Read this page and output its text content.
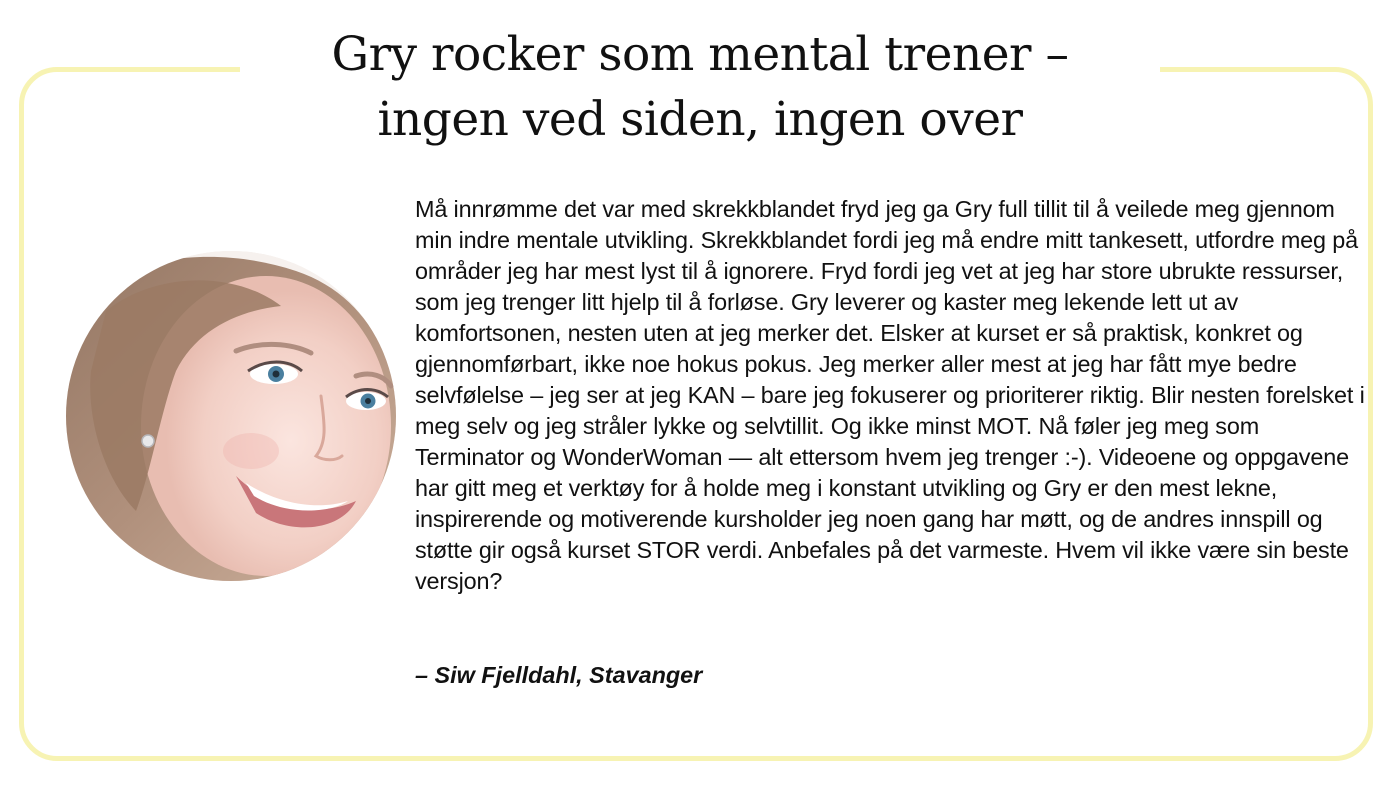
Gry rocker som mental trener –
ingen ved siden, ingen over

Må innrømme det var med skrekkblandet fryd jeg ga Gry full tillit til å veilede meg gjennom min indre mentale utvikling. Skrekkblandet fordi jeg må endre mitt tankesett, utfordre meg på områder jeg har mest lyst til å ignorere. Fryd fordi jeg vet at jeg har store ubrukte ressurser, som jeg trenger litt hjelp til å forløse. Gry leverer og kaster meg lekende lett ut av komfortsonen, nesten uten at jeg merker det. Elsker at kurset er så praktisk, konkret og gjennomførbart, ikke noe hokus pokus. Jeg merker aller mest at jeg har fått mye bedre selvfølelse – jeg ser at jeg KAN – bare jeg fokuserer og prioriterer riktig. Blir nesten forelsket i meg selv og jeg stråler lykke og selvtillit. Og ikke minst MOT. Nå føler jeg meg som Terminator og WonderWoman — alt ettersom hvem jeg trenger :-). Videoene og oppgavene har gitt meg et verktøy for å holde meg i konstant utvikling og Gry er den mest lekne, inspirerende og motiverende kursholder jeg noen gang har møtt, og de andres innspill og støtte gir også kurset STOR verdi. Anbefales på det varmeste. Hvem vil ikke være sin beste versjon?

– Siw Fjelldahl, Stavanger
